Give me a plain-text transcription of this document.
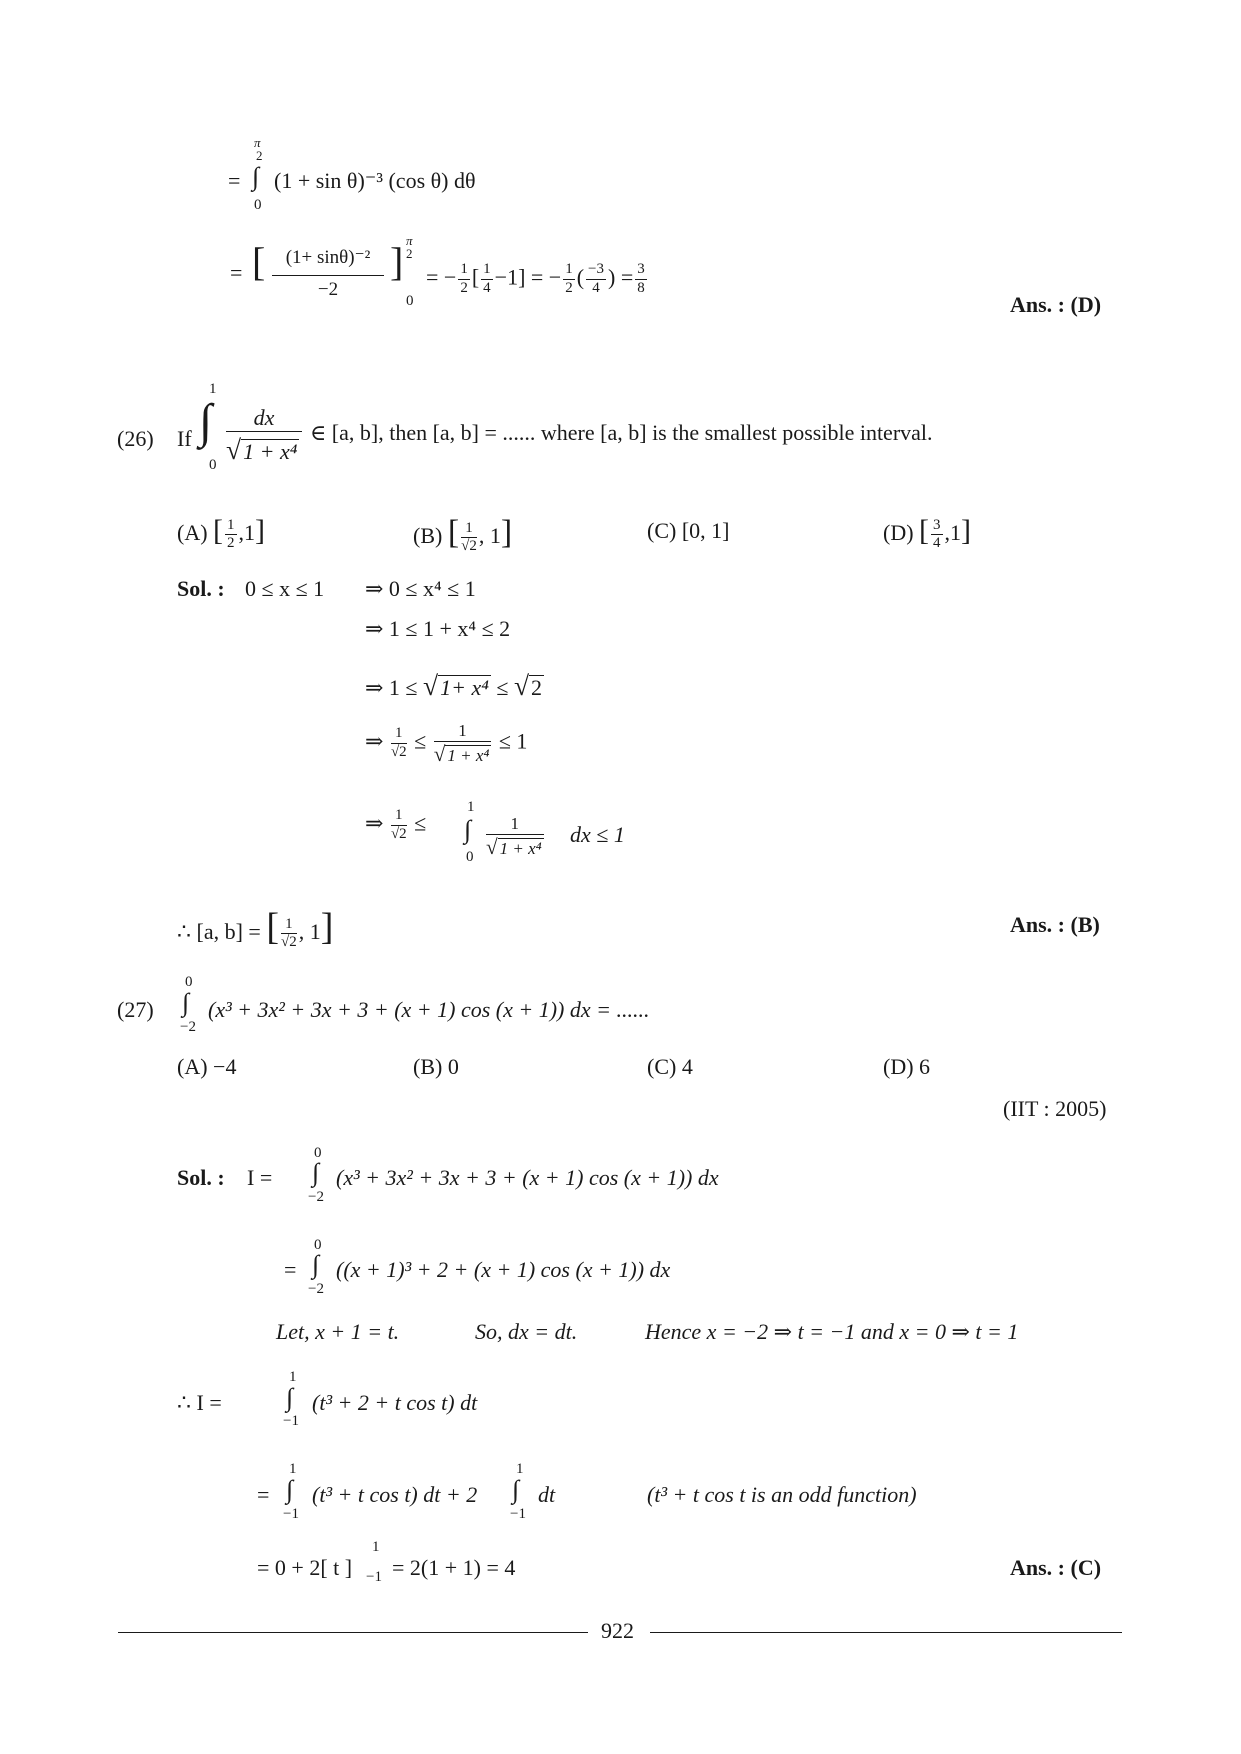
π
2
= ∫
0
(1 + sin θ)⁻³ (cos θ) dθ
= [	(1+ sinθ)⁻²
−2
] π
2
0
= − $\frac{1}{2}$ [ $\frac{1}{4} -1$] = − $\frac{1}{2}$ ( $\frac{-3}{4}$ ) = $\frac{3}{8}$
Ans. : (D)
(26) If
1
∫
0
dx
√1 + x⁴
∈ [a, b], then [a, b] = ...... where [a, b] is the smallest possible interval.
(A) [ $\frac{1}{2} ,1$]	(B) [ $\frac{1}{√2}$ , 1]	(C) [0, 1]	(D) [ $\frac{3}{4} ,1$]
Sol. : 0 ≤ x ≤ 1 ⇒ 0 ≤ x⁴ ≤ 1
⇒ 1 ≤ 1 + x⁴ ≤ 2
⇒ 1 ≤ √1+ x⁴ ≤ √2
⇒ $\frac{1}{√2} \le \frac{1}{\text{√ 1 + x⁴}} \le 1$
⇒ $\frac{1}{√2}$ ≤
1
∫
$0 \frac{1}{\text{√ 1 + x⁴}}$ dx ≤ 1
∴ [a, b] = [ $\frac{1}{√2}$ , 1]	Ans. : (B)
(27)
0
∫
−2
(x³ + 3x² + 3x + 3 + (x + 1) cos (x + 1)) dx = ......
(A) −4	(B) 0	(C) 4	(D) 6
(IIT : 2005)
Sol. : I =
0
∫
−2
(x³ + 3x² + 3x + 3 + (x + 1) cos (x + 1)) dx
=
0
∫
−2
((x + 1)³ + 2 + (x + 1) cos (x + 1)) dx
Let, x + 1 = t.	So, dx = dt.	Hence x = −2 ⇒ t = −1 and x = 0 ⇒ t = 1
∴ I =
1
∫
−1
(t³ + 2 + t cos t) dt
=
1
∫
−1
(t³ + t cos t) dt + 2
1
∫
−1
dt	(t³ + t cos t is an odd function)
= 0 + 2[ t ]
1
−1 = 2(1 + 1) = 4	Ans. : (C)
922
